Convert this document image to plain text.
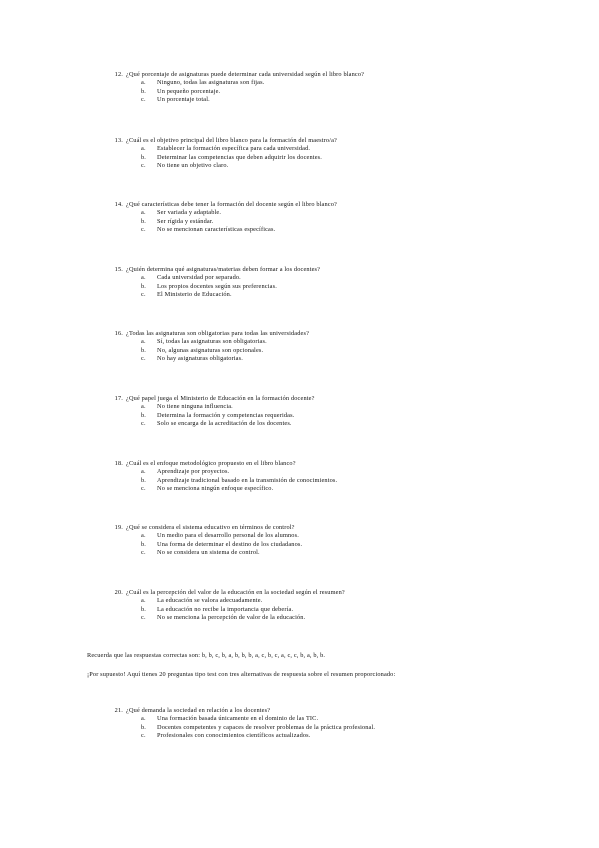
12. ¿Qué porcentaje de asignaturas puede determinar cada universidad según el libro blanco?
a. Ninguno, todas las asignaturas son fijas.
b. Un pequeño porcentaje.
c. Un porcentaje total.
13. ¿Cuál es el objetivo principal del libro blanco para la formación del maestro/a?
a. Establecer la formación específica para cada universidad.
b. Determinar las competencias que deben adquirir los docentes.
c. No tiene un objetivo claro.
14. ¿Qué características debe tener la formación del docente según el libro blanco?
a. Ser variada y adaptable.
b. Ser rígida y estándar.
c. No se mencionan características específicas.
15. ¿Quién determina qué asignaturas/materias deben formar a los docentes?
a. Cada universidad por separado.
b. Los propios docentes según sus preferencias.
c. El Ministerio de Educación.
16. ¿Todas las asignaturas son obligatorias para todas las universidades?
a. Sí, todas las asignaturas son obligatorias.
b. No, algunas asignaturas son opcionales.
c. No hay asignaturas obligatorias.
17. ¿Qué papel juega el Ministerio de Educación en la formación docente?
a. No tiene ninguna influencia.
b. Determina la formación y competencias requeridas.
c. Solo se encarga de la acreditación de los docentes.
18. ¿Cuál es el enfoque metodológico propuesto en el libro blanco?
a. Aprendizaje por proyectos.
b. Aprendizaje tradicional basado en la transmisión de conocimientos.
c. No se menciona ningún enfoque específico.
19. ¿Qué se considera el sistema educativo en términos de control?
a. Un medio para el desarrollo personal de los alumnos.
b. Una forma de determinar el destino de los ciudadanos.
c. No se considera un sistema de control.
20. ¿Cuál es la percepción del valor de la educación en la sociedad según el resumen?
a. La educación se valora adecuadamente.
b. La educación no recibe la importancia que debería.
c. No se menciona la percepción de valor de la educación.
Recuerda que las respuestas correctas son: b, b, c, b, a, b, b, b, a, c, b, c, a, c, c, b, a, b, b.
¡Por supuesto! Aquí tienes 20 preguntas tipo test con tres alternativas de respuesta sobre el resumen proporcionado:
21. ¿Qué demanda la sociedad en relación a los docentes?
a. Una formación basada únicamente en el dominio de las TIC.
b. Docentes competentes y capaces de resolver problemas de la práctica profesional.
c. Profesionales con conocimientos científicos actualizados.
